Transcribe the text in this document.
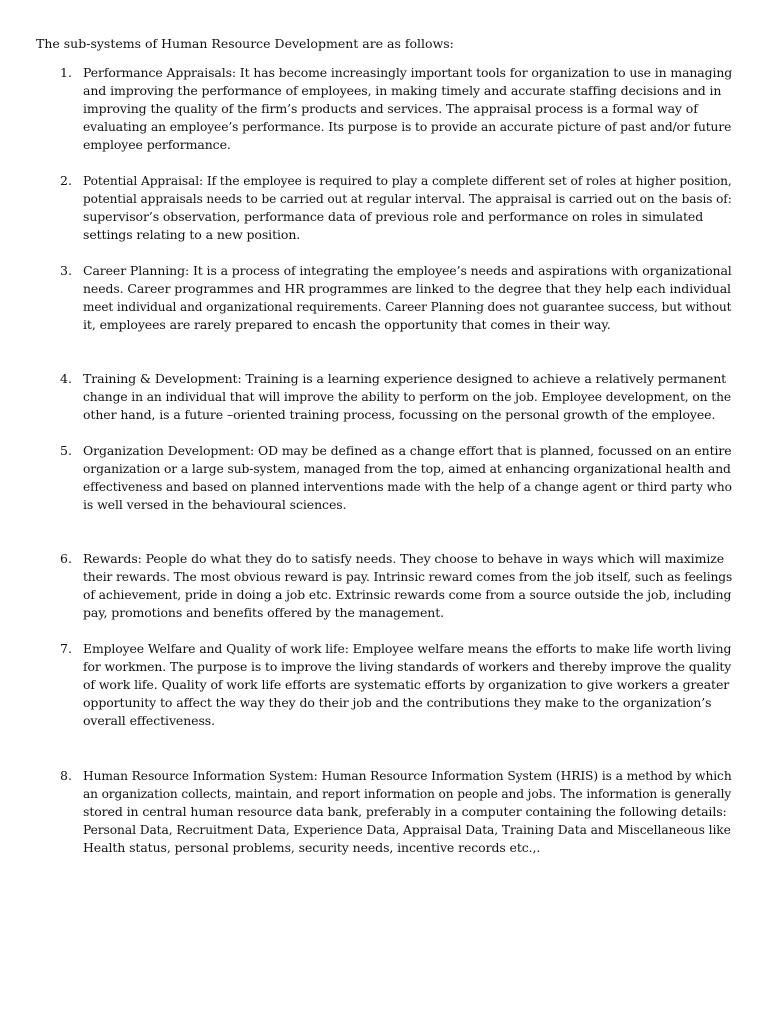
The sub-systems of Human Resource Development are as follows:

1. Performance Appraisals: It has become increasingly important tools for organization to use in managing
and improving the performance of employees, in making timely and accurate staffing decisions and in
improving the quality of the firm’s products and services. The appraisal process is a formal way of
evaluating an employee’s performance. Its purpose is to provide an accurate picture of past and/or future
employee performance.
2. Potential Appraisal: If the employee is required to play a complete different set of roles at higher position,
potential appraisals needs to be carried out at regular interval. The appraisal is carried out on the basis of:
supervisor’s observation, performance data of previous role and performance on roles in simulated
settings relating to a new position.
3. Career Planning: It is a process of integrating the employee’s needs and aspirations with organizational
needs. Career programmes and HR programmes are linked to the degree that they help each individual
meet individual and organizational requirements. Career Planning does not guarantee success, but without
it, employees are rarely prepared to encash the opportunity that comes in their way.
4. Training & Development: Training is a learning experience designed to achieve a relatively permanent
change in an individual that will improve the ability to perform on the job. Employee development, on the
other hand, is a future –oriented training process, focussing on the personal growth of the employee.
5. Organization Development: OD may be defined as a change effort that is planned, focussed on an entire
organization or a large sub-system, managed from the top, aimed at enhancing organizational health and
effectiveness and based on planned interventions made with the help of a change agent or third party who
is well versed in the behavioural sciences.
6. Rewards: People do what they do to satisfy needs. They choose to behave in ways which will maximize
their rewards. The most obvious reward is pay. Intrinsic reward comes from the job itself, such as feelings
of achievement, pride in doing a job etc. Extrinsic rewards come from a source outside the job, including
pay, promotions and benefits offered by the management.
7. Employee Welfare and Quality of work life: Employee welfare means the efforts to make life worth living
for workmen. The purpose is to improve the living standards of workers and thereby improve the quality
of work life. Quality of work life efforts are systematic efforts by organization to give workers a greater
opportunity to affect the way they do their job and the contributions they make to the organization’s
overall effectiveness.
8. Human Resource Information System: Human Resource Information System (HRIS) is a method by which
an organization collects, maintain, and report information on people and jobs. The information is generally
stored in central human resource data bank, preferably in a computer containing the following details:
Personal Data, Recruitment Data, Experience Data, Appraisal Data, Training Data and Miscellaneous like
Health status, personal problems, security needs, incentive records etc.,.
